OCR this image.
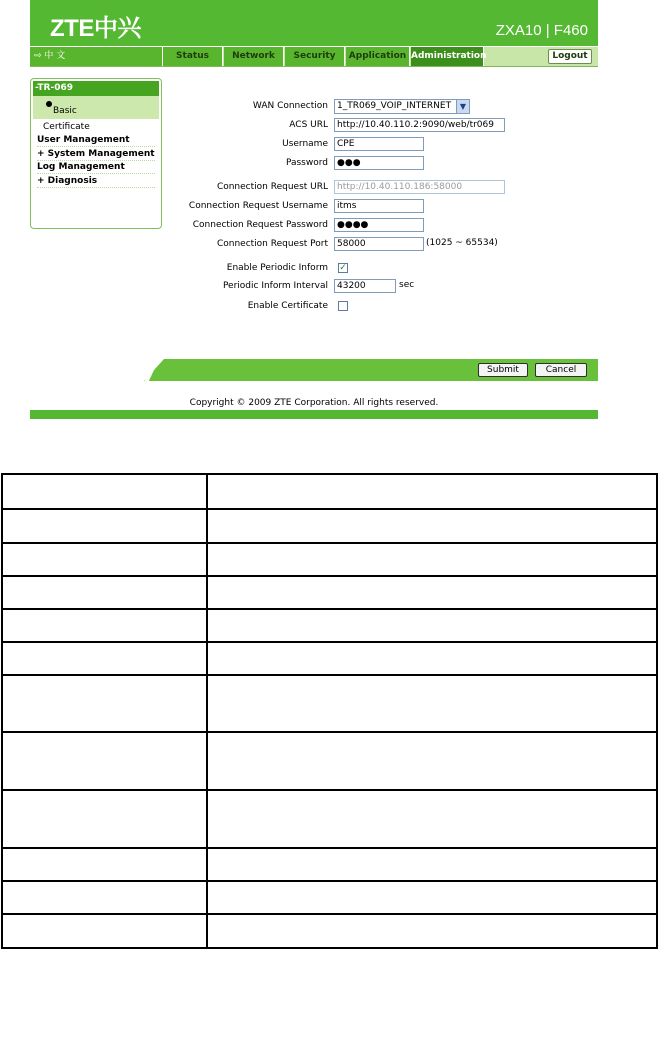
ZTE中兴	ZXA10 | F460
⇨ 中 文	Status	Network	Security	Application Administration	Logout
-TR-069
Basic
Certificate
User Management
+ System Management
Log Management
+ Diagnosis
WAN Connection	1_TR069_VOIP_INTERNET	▼
ACS URL	http://10.40.110.2:9090/web/tr069
Username	CPE
Password	●●●
Connection Request URL	http://10.40.110.186:58000
Connection Request Username	itms
Connection Request Password	●●●●
Connection Request Port	58000	(1025 ~ 65534)
Enable Periodic Inform ✓
Periodic Inform Interval	43200	sec
Enable Certificate
Submit	Cancel
Copyright © 2009 ZTE Corporation. All rights reserved.
